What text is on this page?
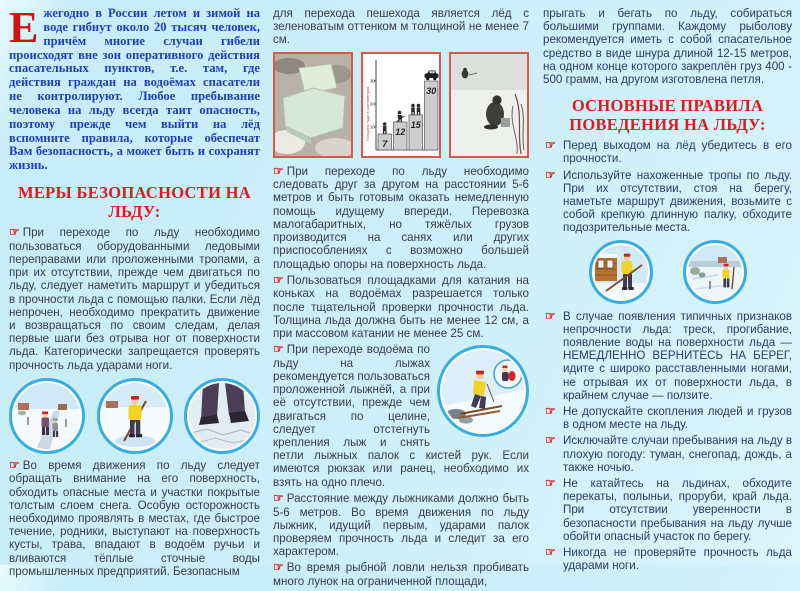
Ежегодно в России летом и зимой на воде гибнут около 20 тысяч человек, причём многие случаи гибели происходят вне зон оперативного действия спасательных пунктов, т.е. там, где действия граждан на водоёмах спасатели не контролируют. Любое пребывание человека на льду всегда таит опасность, поэтому прежде чем выйти на лёд вспомните правила, которые обеспечат Вам безопасность, а может быть и сохранят жизнь.

МЕРЫ БЕЗОПАСНОСТИ НА ЛЬДУ:

☞ При переходе по льду необходимо пользоваться оборудованными ледовыми переправами или проложенными тропами, а при их отсутствии, прежде чем двигаться по льду, следует наметить маршрут и убедиться в прочности льда с помощью палки. Если лёд непрочен, необходимо прекратить движение и возвращаться по своим следам, делая первые шаги без отрыва ног от поверхности льда. Категорически запрещается проверять прочность льда ударами ноги.

☞ Во время движения по льду следует обращать внимание на его поверхность, обходить опасные места и участки покрытые толстым слоем снега. Особую осторожность необходимо проявлять в местах, где быстрое течение, родники, выступают на поверхность кусты, трава, впадают в водоём ручьи и вливаются тёплые сточные воды промышленных предприятий. Безопасным

для перехода пешехода является лёд с зеленоватым оттенком м толщиной не менее 7 см.

Толщина льда в сантиметрах 10
20
30
7
12
15
30

☞ При переходе по льду необходимо следовать друг за другом на расстоянии 5-6 метров и быть готовым оказать немедленную помощь идущему впереди. Перевозка малогабаритных, но тяжёлых грузов производится на санях или других приспособлениях с возможно большей площадью опоры на поверхность льда.

☞ Пользоваться площадками для катания на коньках на водоёмах разрешается только после тщательной проверки прочности льда. Толщина льда должна быть не менее 12 см, а при массовом катании не менее 25 см.

☞ При переходе водоёма по льду на лыжах рекомендуется пользоваться проложенной лыжнёй, а при её отсутствии, прежде чем двигаться по целине, следует отстегнуть крепления лыж и снять петли лыжных палок с кистей рук. Если имеются рюкзак или ранец, необходимо их взять на одно плечо.

☞ Расстояние между лыжниками должно быть 5-6 метров. Во время движения по льду лыжник, идущий первым, ударами палок проверяем прочность льда и следит за его характером.

☞ Во время рыбной ловли нельзя пробивать много лунок на ограниченной площади,

прыгать и бегать по льду, собираться большими группами. Каждому рыболову рекомендуется иметь с собой спасательное средство в виде шнура длиной 12-15 метров, на одном конце которого закреплён груз 400 - 500 грамм, на другом изготовлена петля.

ОСНОВНЫЕ ПРАВИЛА ПОВЕДЕНИЯ НА ЛЬДУ:
☞ Перед выходом на лёд убедитесь в его прочности.
☞ Используйте нахоженные тропы по льду. При их отсутствии, стоя на берегу, наметьте маршрут движения, возьмите с собой крепкую длинную палку, обходите подозрительные места.
☞ В случае появления типичных признаков непрочности льда: треск, прогибание, появление воды на поверхности льда — НЕМЕДЛЕННО ВЕРНИТЕСЬ НА БЕРЕГ, идите с широко расставленными ногами, не отрывая их от поверхности льда, в крайнем случае — ползите.
☞ Не допускайте скопления людей и грузов в одном месте на льду.
☞ Исключайте случаи пребывания на льду в плохую погоду: туман, снегопад, дождь, а также ночью.
☞ Не катайтесь на льдинах, обходите перекаты, полыньи, проруби, край льда. При отсутствии уверенности в безопасности пребывания на льду лучше обойти опасный участок по берегу.
☞ Никогда не проверяйте прочность льда ударами ноги.
